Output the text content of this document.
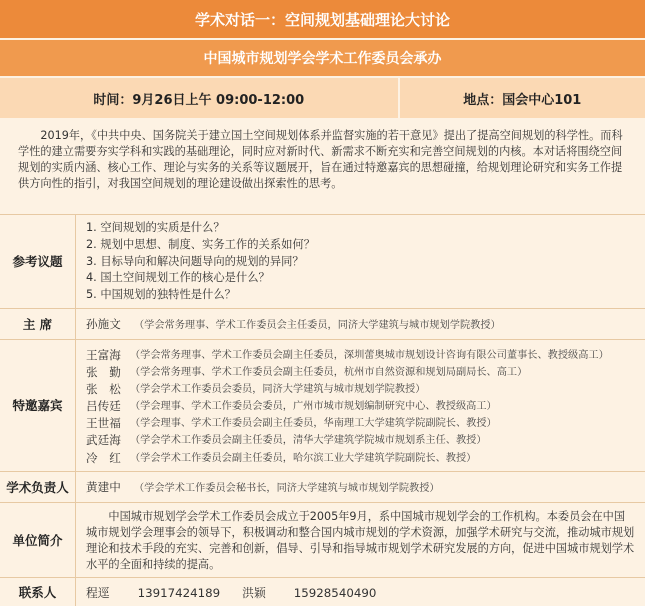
学术对话一：空间规划基础理论大讨论
中国城市规划学会学术工作委员会承办
时间：9月26日上午 09:00-12:00	地点：国会中心101
2019年，《中共中央、国务院关于建立国土空间规划体系并监督实施的若干意见》提出了提高空间规划的科学性。而科学性的建立需要夯实学科和实践的基础理论，同时应对新时代、新需求不断充实和完善空间规划的内核。本对话将围绕空间规划的实质内涵、核心工作、理论与实务的关系等议题展开，旨在通过特邀嘉宾的思想碰撞，给规划理论研究和实务工作提供方向性的指引，对我国空间规划的理论建设做出探索性的思考。
参考议题
1. 空间规划的实质是什么？
2. 规划中思想、制度、实务工作的关系如何？
3. 目标导向和解决问题导向的规划的异同？
4. 国土空间规划工作的核心是什么？
5. 中国规划的独特性是什么？
主 席	孙施文	（学会常务理事、学术工作委员会主任委员，同济大学建筑与城市规划学院教授）
特邀嘉宾
王富海 （学会常务理事、学术工作委员会副主任委员，深圳蕾奥城市规划设计咨询有限公司董事长、教授级高工）
张　勤 （学会常务理事、学术工作委员会副主任委员，杭州市自然资源和规划局副局长、高工）
张　松 （学会学术工作委员会委员，同济大学建筑与城市规划学院教授）
吕传廷 （学会理事、学术工作委员会委员，广州市城市规划编制研究中心、教授级高工）
王世福 （学会理事、学术工作委员会副主任委员，华南理工大学建筑学院副院长、教授）
武廷海 （学会学术工作委员会副主任委员，清华大学建筑学院城市规划系主任、教授）
冷　红 （学会学术工作委员会副主任委员，哈尔滨工业大学建筑学院副院长、教授）
学术负责人	黄建中	（学会学术工作委员会秘书长，同济大学建筑与城市规划学院教授）
单位简介
中国城市规划学会学术工作委员会成立于2005年9月，系中国城市规划学会的工作机构。本委员会在中国城市规划学会理事会的领导下，积极调动和整合国内城市规划的学术资源，加强学术研究与交流，推动城市规划理论和技术手段的充实、完善和创新，倡导、引导和指导城市规划学术研究发展的方向，促进中国城市规划学术水平的全面和持续的提高。
联系人	程逕 13917424189 洪颖 15928540490
